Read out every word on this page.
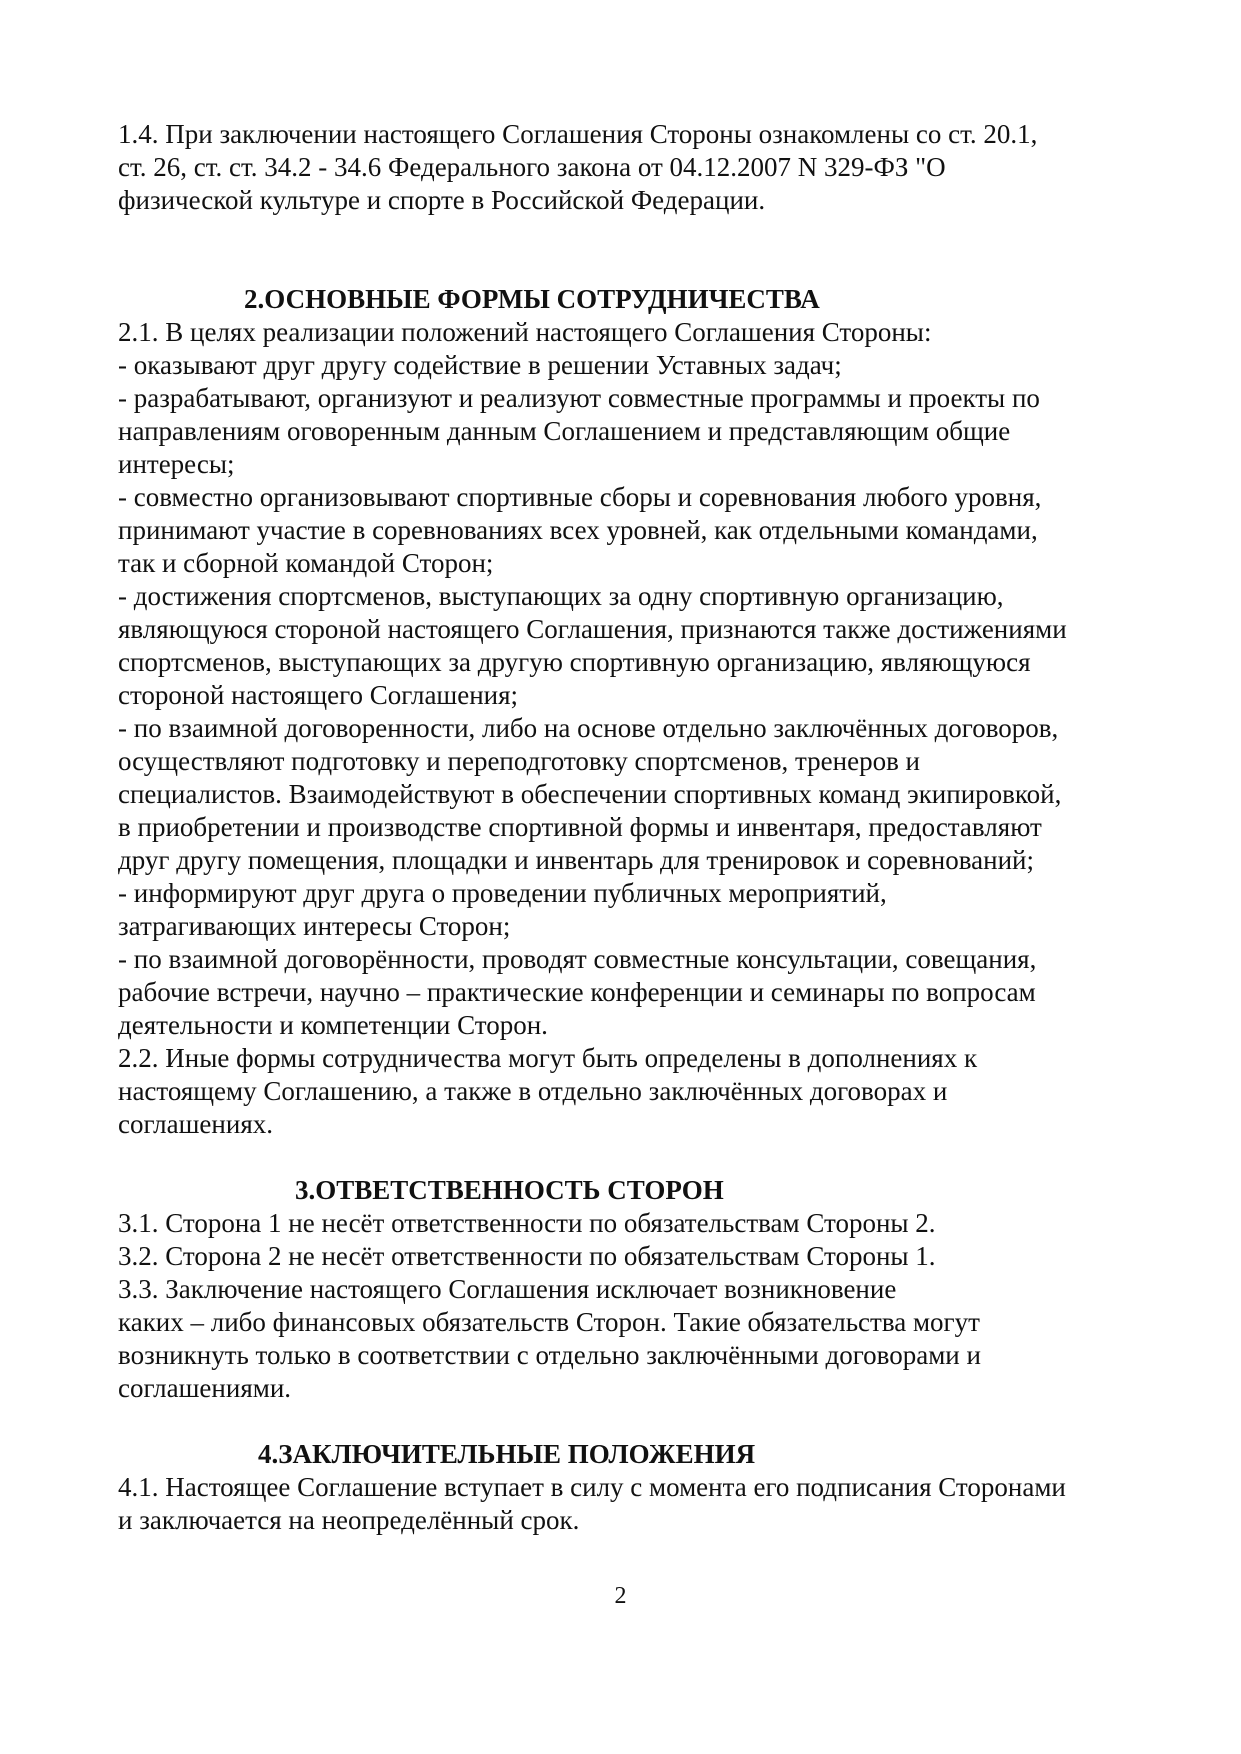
1.4. При заключении настоящего Соглашения Стороны ознакомлены со ст. 20.1,

ст. 26, ст. ст. 34.2 - 34.6 Федерального закона от 04.12.2007 N 329-ФЗ "О

физической культуре и спорте в Российской Федерации.

2.ОСНОВНЫЕ ФОРМЫ СОТРУДНИЧЕСТВА

2.1. В целях реализации положений настоящего Соглашения Стороны:

- оказывают друг другу содействие в решении Уставных задач;

- разрабатывают, организуют и реализуют совместные программы и проекты по

направлениям оговоренным данным Соглашением и представляющим общие

интересы;

- совместно организовывают спортивные сборы и соревнования любого уровня,

принимают участие в соревнованиях всех уровней, как отдельными командами,

так и сборной командой Сторон;

- достижения спортсменов, выступающих за одну спортивную организацию,

являющуюся стороной настоящего Соглашения, признаются также достижениями

спортсменов, выступающих за другую спортивную организацию, являющуюся

стороной настоящего Соглашения;

- по взаимной договоренности, либо на основе отдельно заключённых договоров,

осуществляют подготовку и переподготовку спортсменов, тренеров и

специалистов. Взаимодействуют в обеспечении спортивных команд экипировкой,

в приобретении и производстве спортивной формы и инвентаря, предоставляют

друг другу помещения, площадки и инвентарь для тренировок и соревнований;

- информируют друг друга о проведении публичных мероприятий,

затрагивающих интересы Сторон;

- по взаимной договорённости, проводят совместные консультации, совещания,

рабочие встречи, научно – практические конференции и семинары по вопросам

деятельности и компетенции Сторон.

2.2. Иные формы сотрудничества могут быть определены в дополнениях к

настоящему Соглашению, а также в отдельно заключённых договорах и

соглашениях.

3.ОТВЕТСТВЕННОСТЬ СТОРОН

3.1. Сторона 1 не несёт ответственности по обязательствам Стороны 2.

3.2. Сторона 2 не несёт ответственности по обязательствам Стороны 1.

3.3. Заключение настоящего Соглашения исключает возникновение

каких – либо финансовых обязательств Сторон. Такие обязательства могут

возникнуть только в соответствии с отдельно заключёнными договорами и

соглашениями.

4.ЗАКЛЮЧИТЕЛЬНЫЕ ПОЛОЖЕНИЯ

4.1. Настоящее Соглашение вступает в силу с момента его подписания Сторонами

и заключается на неопределённый срок.

2
